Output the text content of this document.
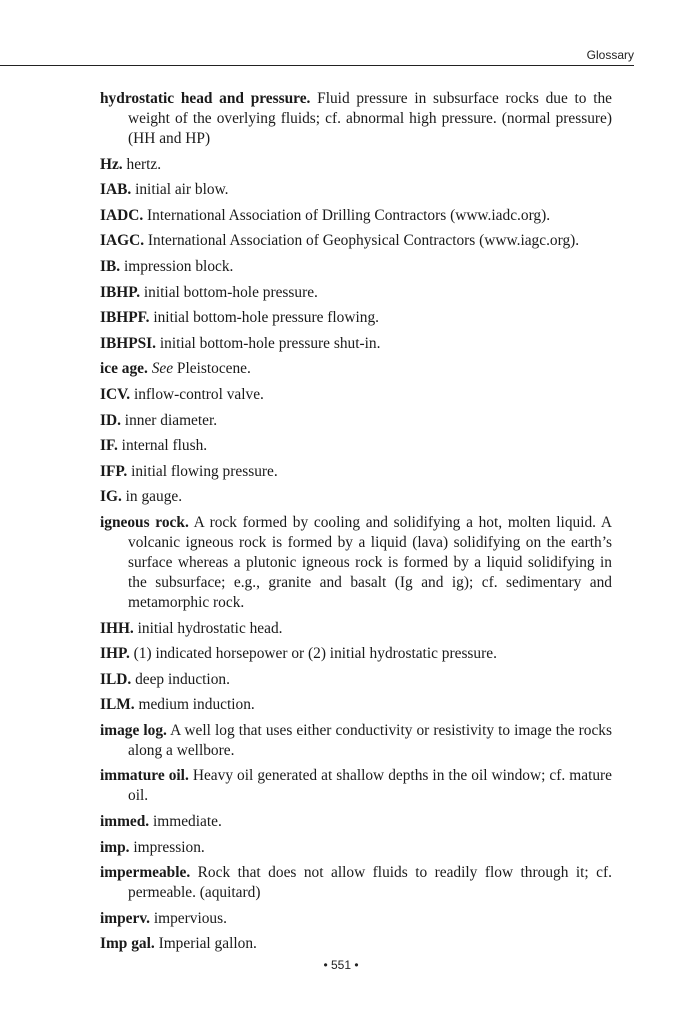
Glossary

hydrostatic head and pressure. Fluid pressure in subsurface rocks due to the weight of the overlying fluids; cf. abnormal high pressure. (normal pressure) (HH and HP)

Hz. hertz.

IAB. initial air blow.

IADC. International Association of Drilling Contractors (www.iadc.org).

IAGC. International Association of Geophysical Contractors (www.iagc.org).

IB. impression block.

IBHP. initial bottom-hole pressure.

IBHPF. initial bottom-hole pressure flowing.

IBHPSI. initial bottom-hole pressure shut-in.

ice age. See Pleistocene.

ICV. inflow-control valve.

ID. inner diameter.

IF. internal flush.

IFP. initial flowing pressure.

IG. in gauge.

igneous rock. A rock formed by cooling and solidifying a hot, molten liquid. A volcanic igneous rock is formed by a liquid (lava) solidifying on the earth’s surface whereas a plutonic igneous rock is formed by a liquid solidifying in the subsurface; e.g., granite and basalt (Ig and ig); cf. sedimentary and metamorphic rock.

IHH. initial hydrostatic head.

IHP. (1) indicated horsepower or (2) initial hydrostatic pressure.

ILD. deep induction.

ILM. medium induction.

image log. A well log that uses either conductivity or resistivity to image the rocks along a wellbore.

immature oil. Heavy oil generated at shallow depths in the oil window; cf. mature oil.

immed. immediate.

imp. impression.

impermeable. Rock that does not allow fluids to readily flow through it; cf. permeable. (aquitard)

imperv. impervious.

Imp gal. Imperial gallon.

• 551 •
